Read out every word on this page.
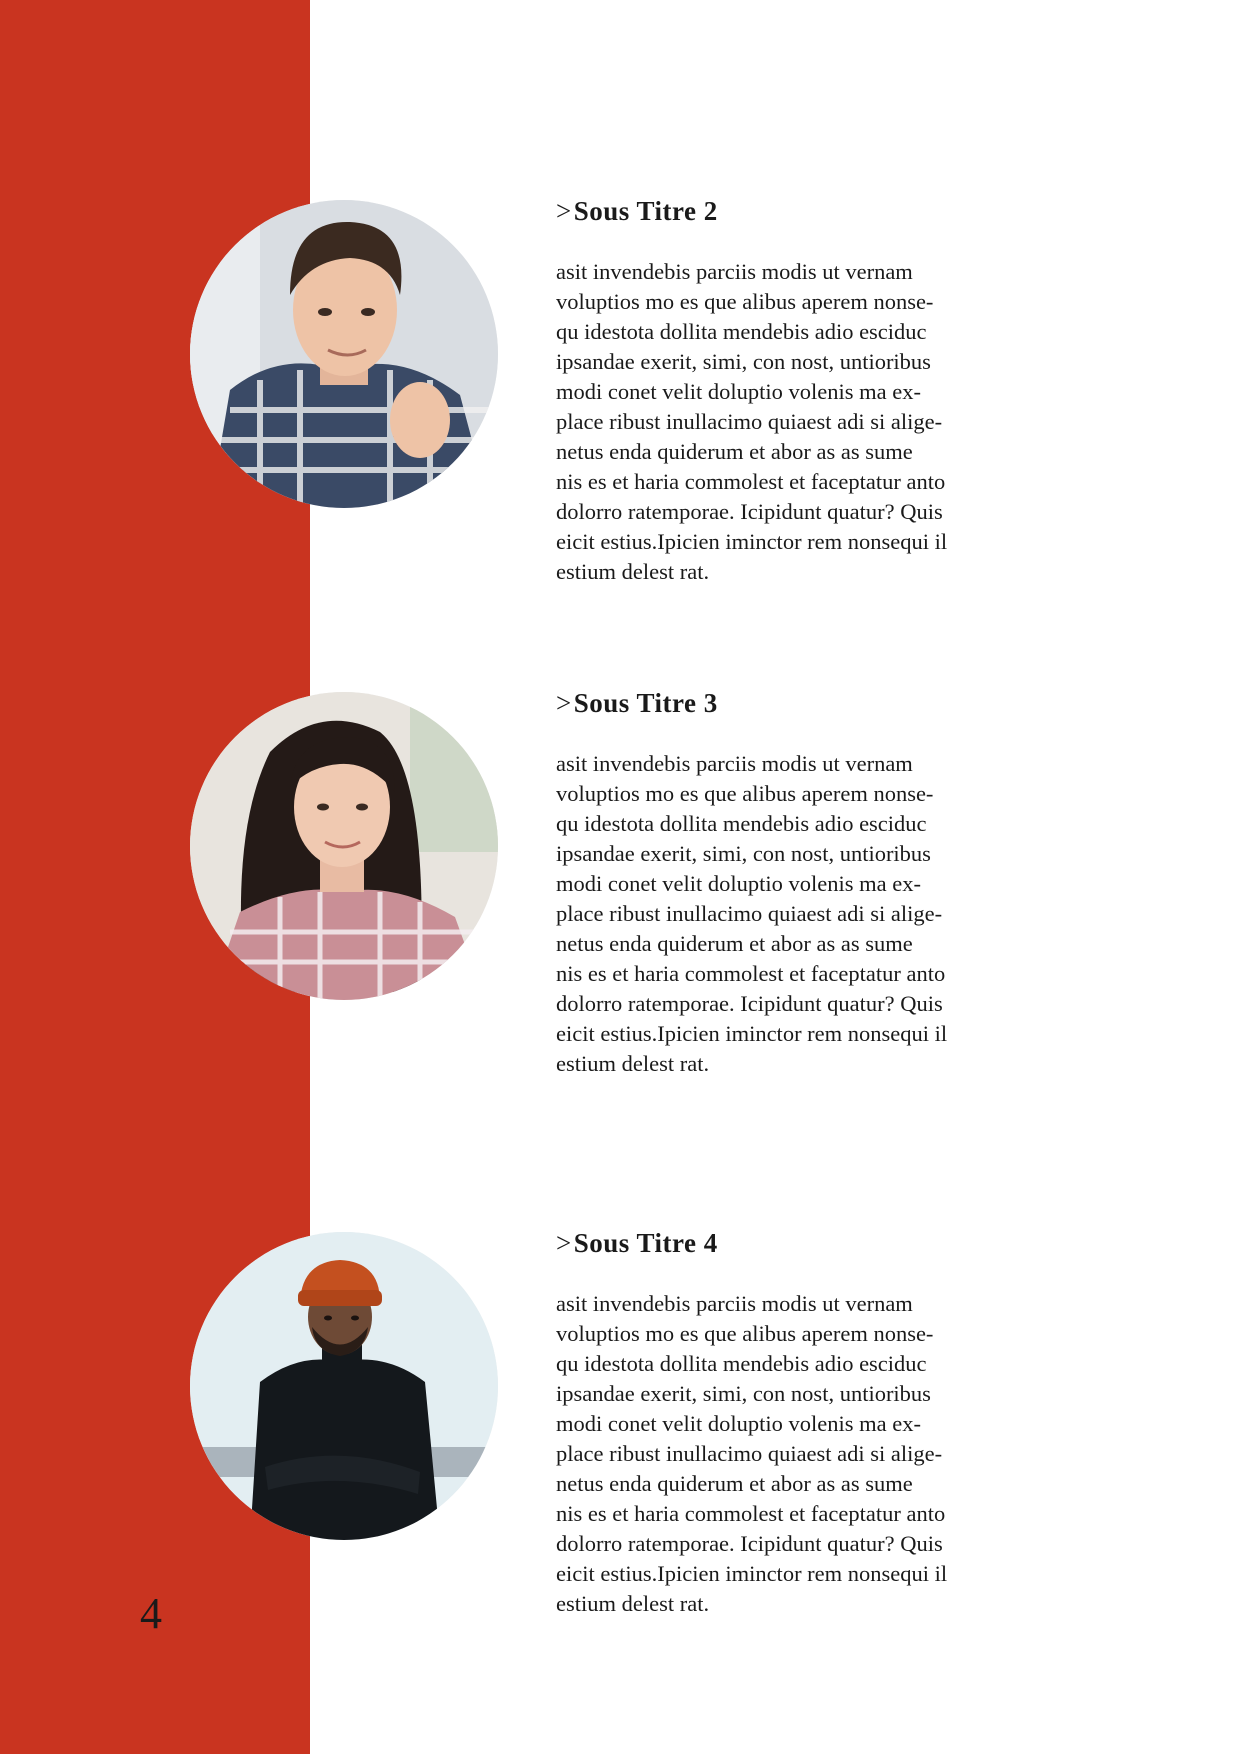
>Sous Titre 2
asit invendebis parciis modis ut vernam
voluptios mo es que alibus aperem nonse-
qu idestota dollita mendebis adio esciduc
ipsandae exerit, simi, con nost, untioribus
modi conet velit doluptio volenis ma ex-
place ribust inullacimo quiaest adi si alige-
netus enda quiderum et abor as as sume
nis es et haria commolest et faceptatur anto
dolorro ratemporae. Icipidunt quatur? Quis
eicit estius.Ipicien iminctor rem nonsequi il
estium delest rat.
>Sous Titre 3
asit invendebis parciis modis ut vernam
voluptios mo es que alibus aperem nonse-
qu idestota dollita mendebis adio esciduc
ipsandae exerit, simi, con nost, untioribus
modi conet velit doluptio volenis ma ex-
place ribust inullacimo quiaest adi si alige-
netus enda quiderum et abor as as sume
nis es et haria commolest et faceptatur anto
dolorro ratemporae. Icipidunt quatur? Quis
eicit estius.Ipicien iminctor rem nonsequi il
estium delest rat.
>Sous Titre 4
asit invendebis parciis modis ut vernam
voluptios mo es que alibus aperem nonse-
qu idestota dollita mendebis adio esciduc
ipsandae exerit, simi, con nost, untioribus
modi conet velit doluptio volenis ma ex-
place ribust inullacimo quiaest adi si alige-
netus enda quiderum et abor as as sume
nis es et haria commolest et faceptatur anto
dolorro ratemporae. Icipidunt quatur? Quis
eicit estius.Ipicien iminctor rem nonsequi il
estium delest rat.
4
